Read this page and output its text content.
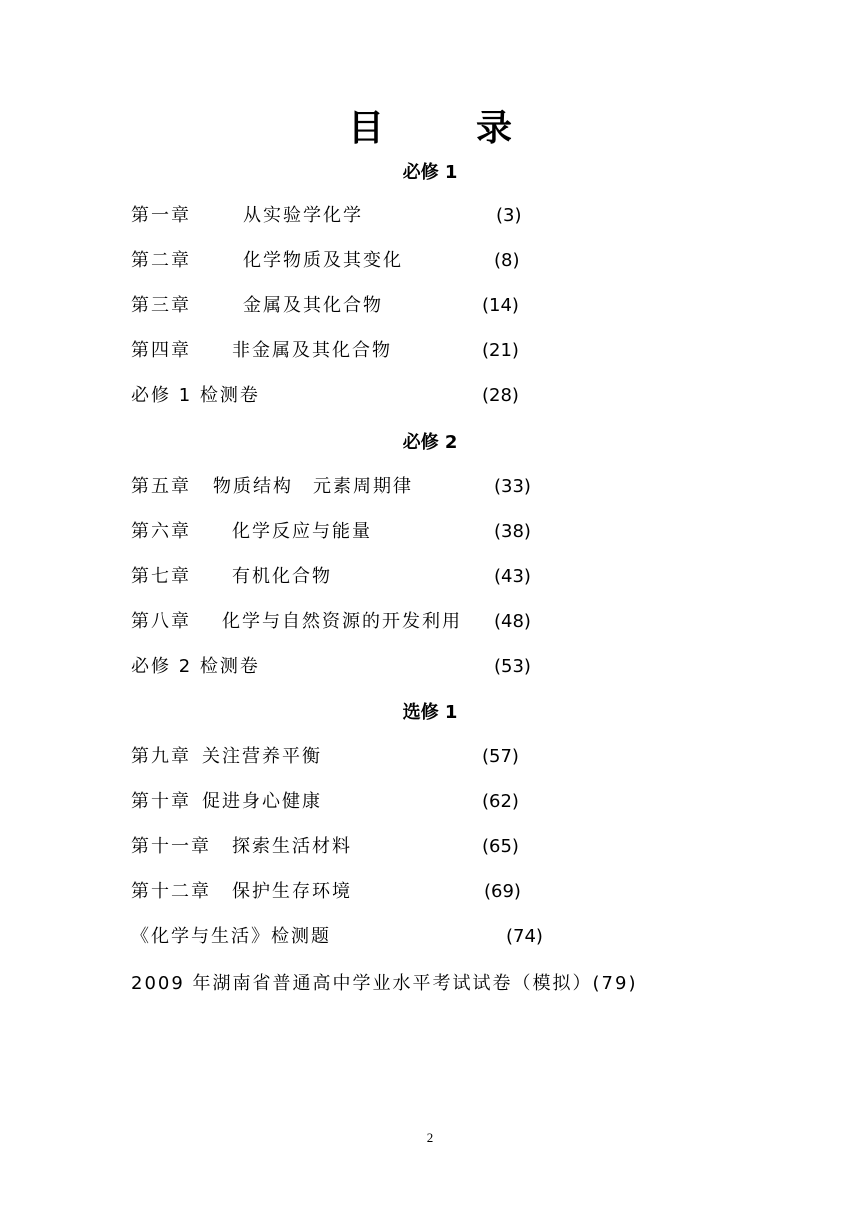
目　录
必修 1
第一章	从实验学化学	(3)
第二章	化学物质及其变化	(8)
第三章	金属及其化合物	(14)
第四章 非金属及其化合物	(21)
必修 1 检测卷	(28)
必修 2
第五章 物质结构　元素周期律	(33)
第六章 化学反应与能量	(38)
第七章 有机化合物	(43)
第八章 化学与自然资源的开发利用 (48)
必修 2 检测卷	(53)
选修 1
第九章 关注营养平衡	(57)
第十章 促进身心健康	(62)
第十一章 探索生活材料	(65)
第十二章 保护生存环境	(69)
《化学与生活》检测题	(74)
2009 年湖南省普通高中学业水平考试试卷（模拟）(79)
2
